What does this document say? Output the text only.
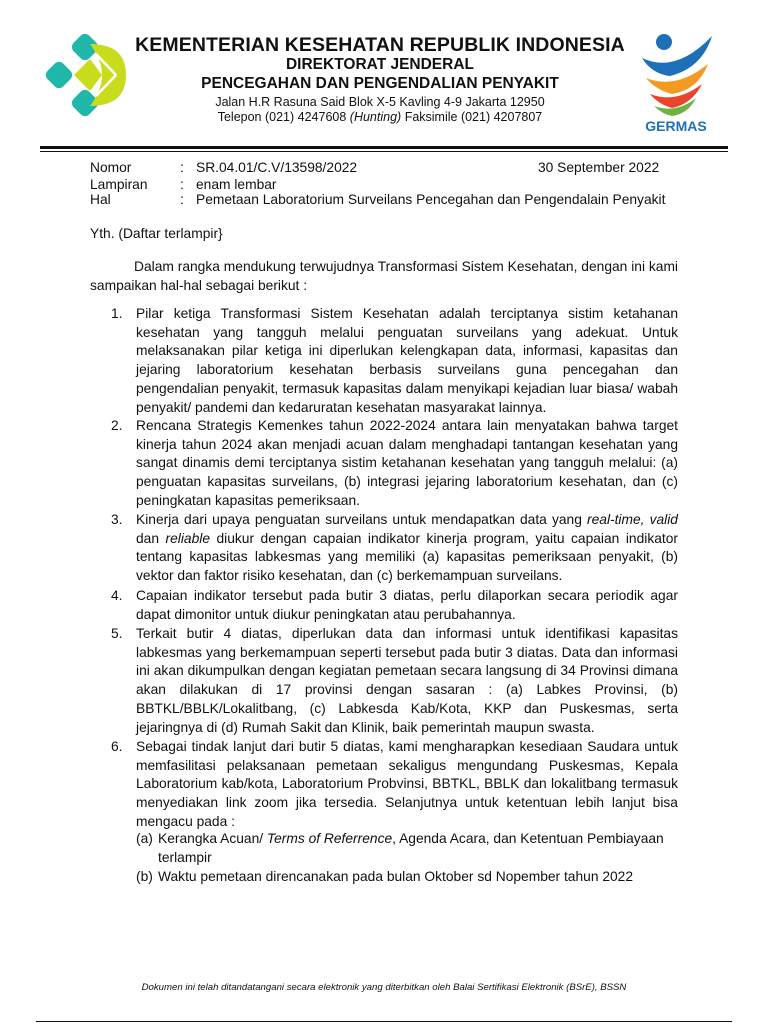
KEMENTERIAN KESEHATAN REPUBLIK INDONESIA
DIREKTORAT JENDERAL
PENCEGAHAN DAN PENGENDALIAN PENYAKIT
Jalan H.R Rasuna Said Blok X-5 Kavling 4-9 Jakarta 12950
Telepon (021) 4247608 (Hunting) Faksimile (021) 4207807
GERMAS
Nomor	: SR.04.01/C.V/13598/2022	30 September 2022
Lampiran : enam lembar
Hal	: Pemetaan Laboratorium Surveilans Pencegahan dan Pengendalain Penyakit
Yth. (Daftar terlampir}
Dalam rangka mendukung terwujudnya Transformasi Sistem Kesehatan, dengan ini kami sampaikan hal-hal sebagai berikut :
1. Pilar ketiga Transformasi Sistem Kesehatan adalah terciptanya sistim ketahanan kesehatan yang tangguh melalui penguatan surveilans yang adekuat. Untuk melaksanakan pilar ketiga ini diperlukan kelengkapan data, informasi, kapasitas dan jejaring laboratorium kesehatan berbasis surveilans guna pencegahan dan pengendalian penyakit, termasuk kapasitas dalam menyikapi kejadian luar biasa/ wabah penyakit/ pandemi dan kedaruratan kesehatan masyarakat lainnya.
2. Rencana Strategis Kemenkes tahun 2022-2024 antara lain menyatakan bahwa target kinerja tahun 2024 akan menjadi acuan dalam menghadapi tantangan kesehatan yang sangat dinamis demi terciptanya sistim ketahanan kesehatan yang tangguh melalui: (a) penguatan kapasitas surveilans, (b) integrasi jejaring laboratorium kesehatan, dan (c) peningkatan kapasitas pemeriksaan.
3. Kinerja dari upaya penguatan surveilans untuk mendapatkan data yang real-time, valid dan reliable diukur dengan capaian indikator kinerja program, yaitu capaian indikator tentang kapasitas labkesmas yang memiliki (a) kapasitas pemeriksaan penyakit, (b) vektor dan faktor risiko kesehatan, dan (c) berkemampuan surveilans.
4. Capaian indikator tersebut pada butir 3 diatas, perlu dilaporkan secara periodik agar dapat dimonitor untuk diukur peningkatan atau perubahannya.
5. Terkait butir 4 diatas, diperlukan data dan informasi untuk identifikasi kapasitas labkesmas yang berkemampuan seperti tersebut pada butir 3 diatas. Data dan informasi ini akan dikumpulkan dengan kegiatan pemetaan secara langsung di 34 Provinsi dimana akan dilakukan di 17 provinsi dengan sasaran : (a) Labkes Provinsi, (b) BBTKL/BBLK/Lokalitbang, (c) Labkesda Kab/Kota, KKP dan Puskesmas, serta jejaringnya di (d) Rumah Sakit dan Klinik, baik pemerintah maupun swasta.
6. Sebagai tindak lanjut dari butir 5 diatas, kami mengharapkan kesediaan Saudara untuk memfasilitasi pelaksanaan pemetaan sekaligus mengundang Puskesmas, Kepala Laboratorium kab/kota, Laboratorium Probvinsi, BBTKL, BBLK dan lokalitbang termasuk menyediakan link zoom jika tersedia. Selanjutnya untuk ketentuan lebih lanjut bisa mengacu pada :
(a) Kerangka Acuan/ Terms of Referrence, Agenda Acara, dan Ketentuan Pembiayaan terlampir
(b) Waktu pemetaan direncanakan pada bulan Oktober sd Nopember tahun 2022
Dokumen ini telah ditandatangani secara elektronik yang diterbitkan oleh Balai Sertifikasi Elektronik (BSrE), BSSN
